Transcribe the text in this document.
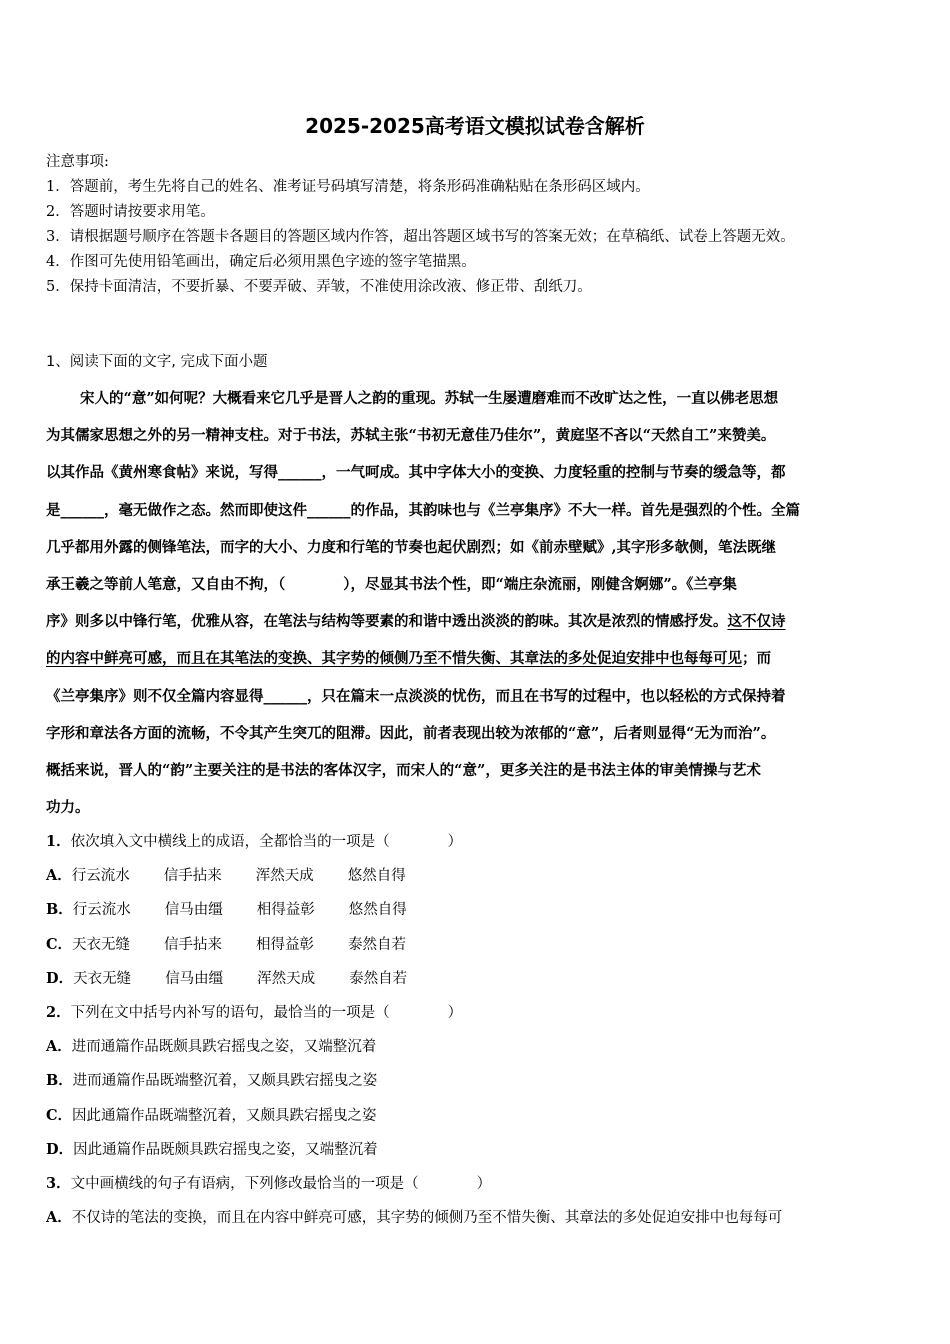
2025-2025高考语文模拟试卷含解析
注意事项:
1．答题前，考生先将自己的姓名、准考证号码填写清楚，将条形码准确粘贴在条形码区域内。
2．答题时请按要求用笔。
3．请根据题号顺序在答题卡各题目的答题区域内作答，超出答题区域书写的答案无效；在草稿纸、试卷上答题无效。
4．作图可先使用铅笔画出，确定后必须用黑色字迹的签字笔描黑。
5．保持卡面清洁，不要折暴、不要弄破、弄皱，不准使用涂改液、修正带、刮纸刀。
1、阅读下面的文字, 完成下面小题
宋人的“意”如何呢？大概看来它几乎是晋人之韵的重现。苏轼一生屡遭磨难而不改旷达之性，一直以佛老思想
为其儒家思想之外的另一精神支柱。对于书法，苏轼主张“书初无意佳乃佳尔”，黄庭坚不吝以“天然自工”来赞美。
以其作品《黄州寒食帖》来说，写得______，一气呵成。其中字体大小的变换、力度轻重的控制与节奏的缓急等，都
是______，毫无做作之态。然而即使这件______的作品，其韵味也与《兰亭集序》不大一样。首先是强烈的个性。全篇
几乎都用外露的侧锋笔法，而字的大小、力度和行笔的节奏也起伏剧烈；如《前赤壁赋》,其字形多欹侧，笔法既继
承王羲之等前人笔意，又自由不拘，（　　　　），尽显其书法个性，即“端庄杂流丽，刚健含婀娜”。《兰亭集
序》则多以中锋行笔，优雅从容，在笔法与结构等要素的和谐中透出淡淡的韵味。其次是浓烈的情感抒发。这不仅诗
的内容中鲜亮可感，而且在其笔法的变换、其字势的倾侧乃至不惜失衡、其章法的多处促迫安排中也每每可见；而
《兰亭集序》则不仅全篇内容显得______，只在篇末一点淡淡的忧伤，而且在书写的过程中，也以轻松的方式保持着
字形和章法各方面的流畅，不令其产生突兀的阻滞。因此，前者表现出较为浓郁的“意”，后者则显得“无为而治”。
概括来说，晋人的“韵”主要关注的是书法的客体汉字，而宋人的“意”，更多关注的是书法主体的审美情操与艺术
功力。
1．依次填入文中横线上的成语，全都恰当的一项是（　　　　）
A．行云流水 信手拈来 浑然天成 悠然自得
B．行云流水 信马由缰 相得益彰 悠然自得
C．天衣无缝 信手拈来 相得益彰 泰然自若
D．天衣无缝 信马由缰 浑然天成 泰然自若
2．下列在文中括号内补写的语句，最恰当的一项是（　　　　）
A．进而通篇作品既颇具跌宕摇曳之姿，又端整沉着
B．进而通篇作品既端整沉着，又颇具跌宕摇曳之姿
C．因此通篇作品既端整沉着，又颇具跌宕摇曳之姿
D．因此通篇作品既颇具跌宕摇曳之姿，又端整沉着
3．文中画横线的句子有语病，下列修改最恰当的一项是（　　　　）
A．不仅诗的笔法的变换，而且在内容中鲜亮可感，其字势的倾侧乃至不惜失衡、其章法的多处促迫安排中也每每可
